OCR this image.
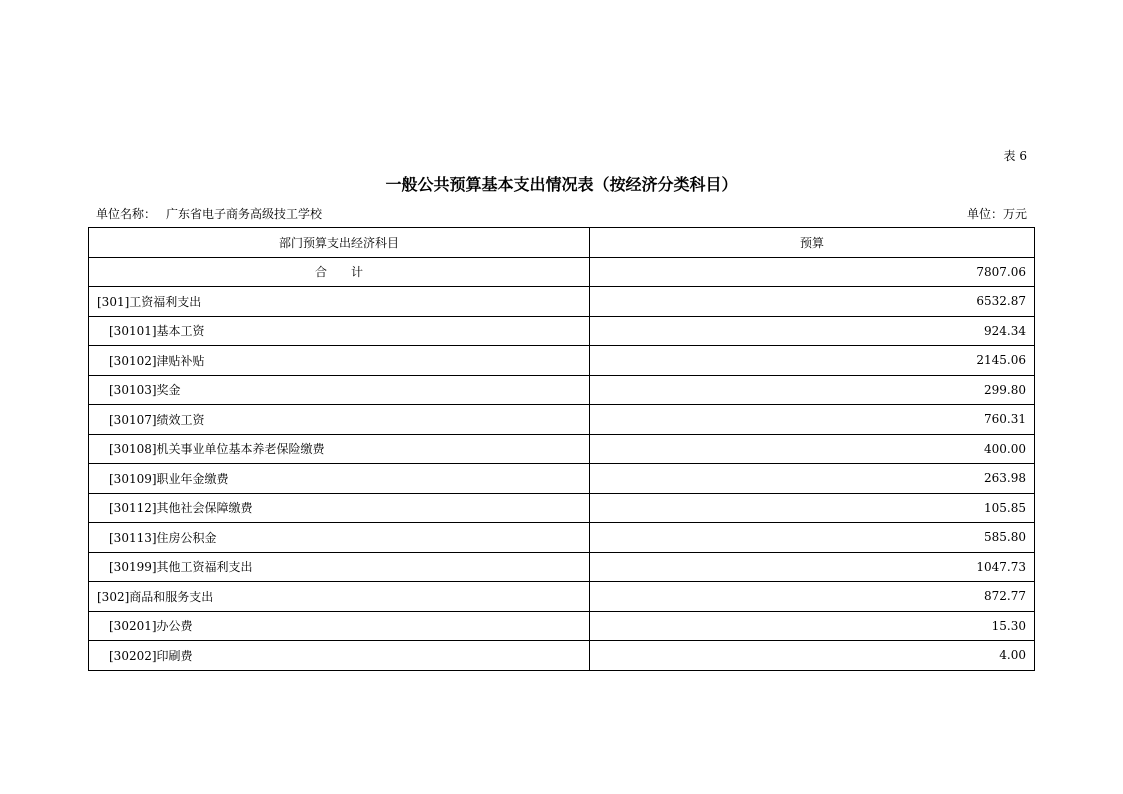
表 6
一般公共预算基本支出情况表（按经济分类科目）
单位名称： 广东省电子商务高级技工学校	单位：万元
部门预算支出经济科目	预算
合　　计	7807.06
[301]工资福利支出	6532.87
[30101]基本工资	924.34
[30102]津贴补贴	2145.06
[30103]奖金	299.80
[30107]绩效工资	760.31
[30108]机关事业单位基本养老保险缴费	400.00
[30109]职业年金缴费	263.98
[30112]其他社会保障缴费	105.85
[30113]住房公积金	585.80
[30199]其他工资福利支出	1047.73
[302]商品和服务支出	872.77
[30201]办公费	15.30
[30202]印刷费	4.00
